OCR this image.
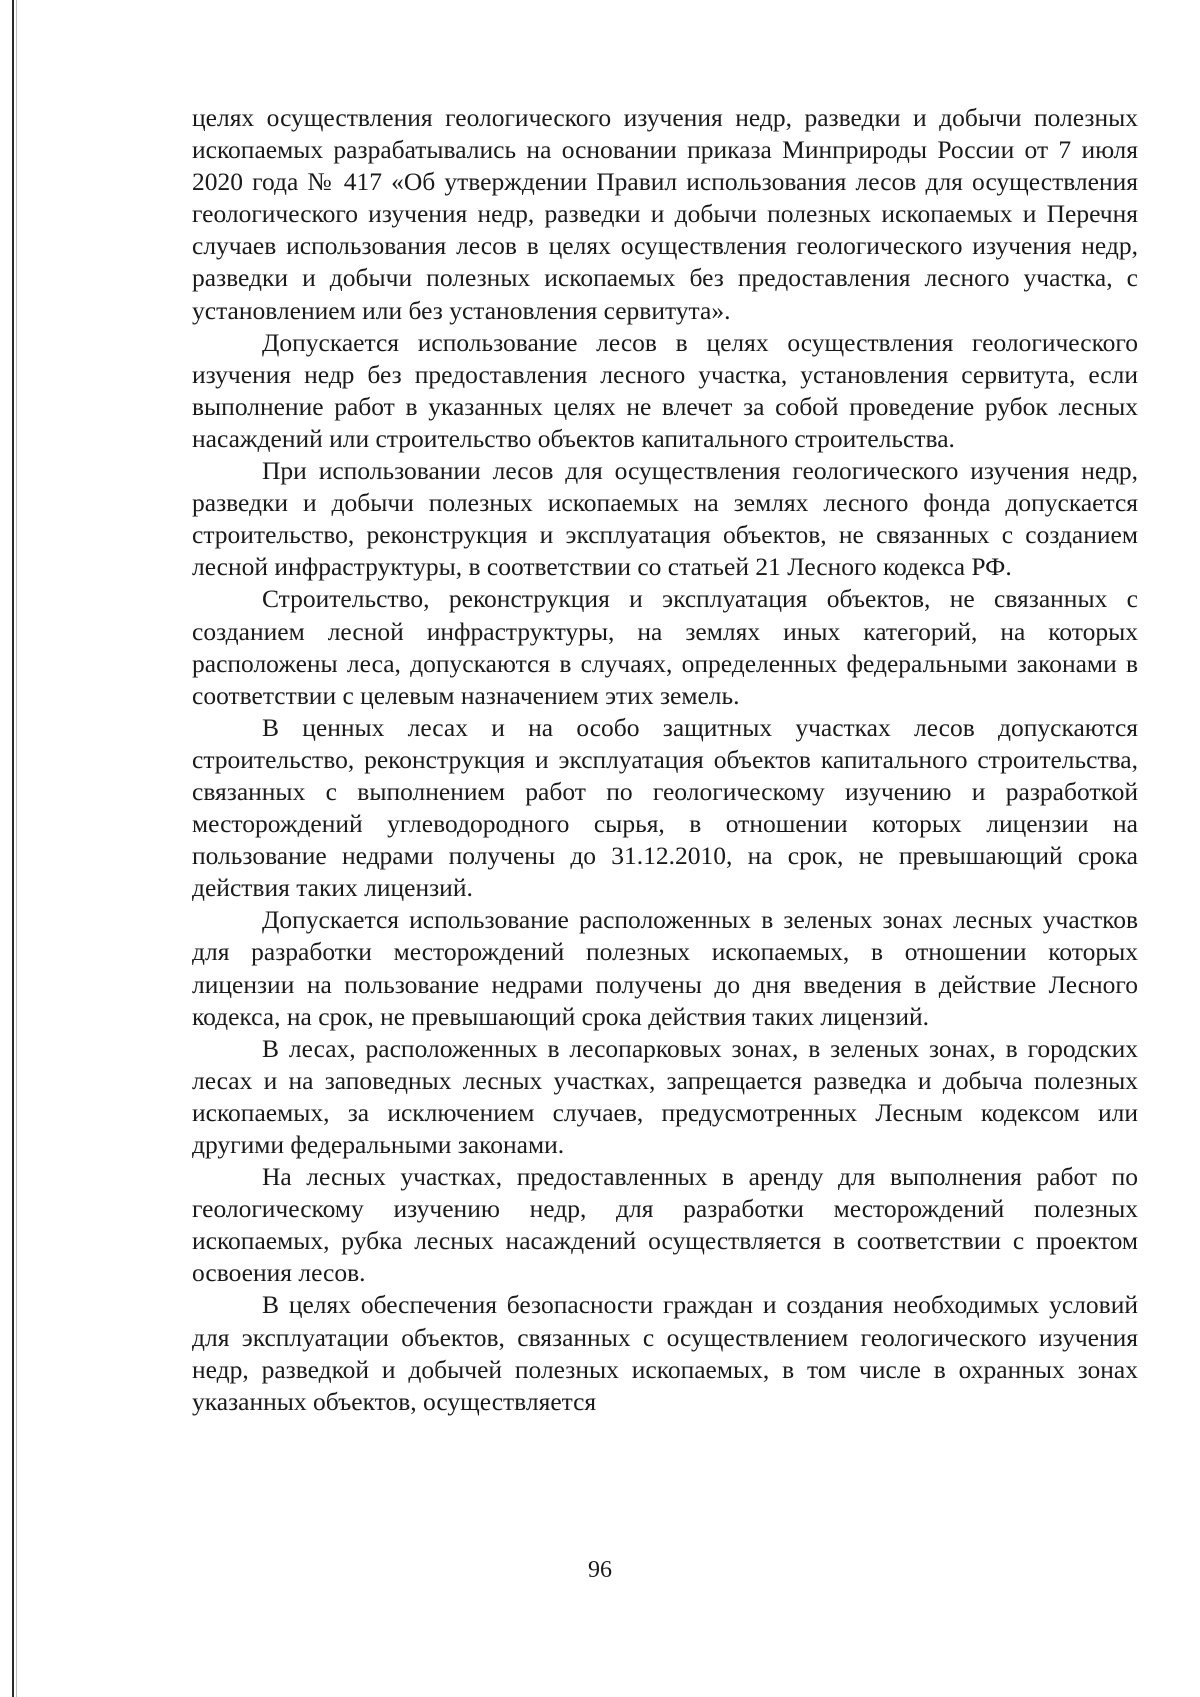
целях осуществления геологического изучения недр, разведки и добычи полезных ископаемых разрабатывались на основании приказа Минприроды России от 7 июля 2020 года № 417 «Об утверждении Правил использования лесов для осуществления геологического изучения недр, разведки и добычи полезных ископаемых и Перечня случаев использования лесов в целях осуществления геологического изучения недр, разведки и добычи полезных ископаемых без предоставления лесного участка, с установлением или без установления сервитута».

Допускается использование лесов в целях осуществления геологического изучения недр без предоставления лесного участка, установления сервитута, если выполнение работ в указанных целях не влечет за собой проведение рубок лесных насаждений или строительство объектов капитального строительства.

При использовании лесов для осуществления геологического изучения недр, разведки и добычи полезных ископаемых на землях лесного фонда допускается строительство, реконструкция и эксплуатация объектов, не связанных с созданием лесной инфраструктуры, в соответствии со статьей 21 Лесного кодекса РФ.

Строительство, реконструкция и эксплуатация объектов, не связанных с созданием лесной инфраструктуры, на землях иных категорий, на которых расположены леса, допускаются в случаях, определенных федеральными законами в соответствии с целевым назначением этих земель.

В ценных лесах и на особо защитных участках лесов допускаются строительство, реконструкция и эксплуатация объектов капитального строительства, связанных с выполнением работ по геологическому изучению и разработкой месторождений углеводородного сырья, в отношении которых лицензии на пользование недрами получены до 31.12.2010, на срок, не превышающий срока действия таких лицензий.

Допускается использование расположенных в зеленых зонах лесных участков для разработки месторождений полезных ископаемых, в отношении которых лицензии на пользование недрами получены до дня введения в действие Лесного кодекса, на срок, не превышающий срока действия таких лицензий.

В лесах, расположенных в лесопарковых зонах, в зеленых зонах, в городских лесах и на заповедных лесных участках, запрещается разведка и добыча полезных ископаемых, за исключением случаев, предусмотренных Лесным кодексом или другими федеральными законами.

На лесных участках, предоставленных в аренду для выполнения работ по геологическому изучению недр, для разработки месторождений полезных ископаемых, рубка лесных насаждений осуществляется в соответствии с проектом освоения лесов.

В целях обеспечения безопасности граждан и создания необходимых условий для эксплуатации объектов, связанных с осуществлением геологического изучения недр, разведкой и добычей полезных ископаемых, в том числе в охранных зонах указанных объектов, осуществляется

96
